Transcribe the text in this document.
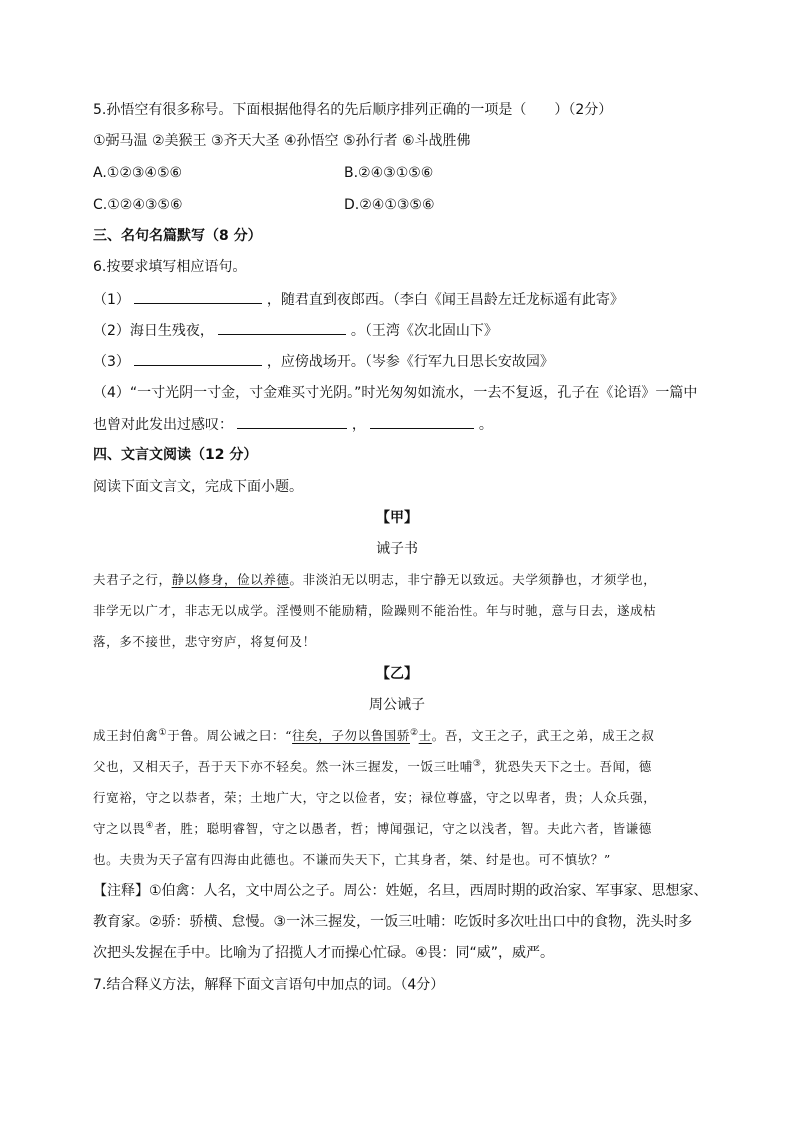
5.孙悟空有很多称号。下面根据他得名的先后顺序排列正确的一项是（　　）（2分）
①弼马温 ②美猴王 ③齐天大圣 ④孙悟空 ⑤孙行者 ⑥斗战胜佛
A.①②③④⑤⑥	B.②④③①⑤⑥
C.①②④③⑤⑥	D.②④①③⑤⑥
三、名句名篇默写（8 分）
6.按要求填写相应语句。
（1）	，随君直到夜郎西。（李白《闻王昌龄左迁龙标遥有此寄》
（2）海日生残夜，	。（王湾《次北固山下》
（3）	，应傍战场开。（岑参《行军九日思长安故园》
（4）“一寸光阴一寸金，寸金难买寸光阴。”时光匆匆如流水，一去不复返，孔子在《论语》一篇中
也曾对此发出过感叹：	，	。
四、文言文阅读（12 分）
阅读下面文言文，完成下面小题。
【甲】
诫子书
夫君子之行，静以修身，俭以养德。非淡泊无以明志，非宁静无以致远。夫学须静也，才须学也，
非学无以广才，非志无以成学。淫慢则不能励精，险躁则不能治性。年与时驰，意与日去，遂成枯
落，多不接世，悲守穷庐，将复何及！
【乙】
周公诫子
成王封伯禽①于鲁。周公诫之曰：“往矣，子勿以鲁国骄②士。吾，文王之子，武王之弟，成王之叔
父也，又相天子，吾于天下亦不轻矣。然一沐三握发，一饭三吐哺③，犹恐失天下之士。吾闻，德
行宽裕，守之以恭者，荣；土地广大，守之以俭者，安；禄位尊盛，守之以卑者，贵；人众兵强，
守之以畏④者，胜；聪明睿智，守之以愚者，哲；博闻强记，守之以浅者，智。夫此六者，皆谦德
也。夫贵为天子富有四海由此德也。不谦而失天下，亡其身者，桀、纣是也。可不慎欤？”
【注释】①伯禽：人名，文中周公之子。周公：姓姬，名旦，西周时期的政治家、军事家、思想家、
教育家。②骄：骄横、怠慢。③一沐三握发，一饭三吐哺：吃饭时多次吐出口中的食物，洗头时多
次把头发握在手中。比喻为了招揽人才而操心忙碌。④畏：同“威”，威严。
7.结合释义方法，解释下面文言语句中加点的词。（4分）
